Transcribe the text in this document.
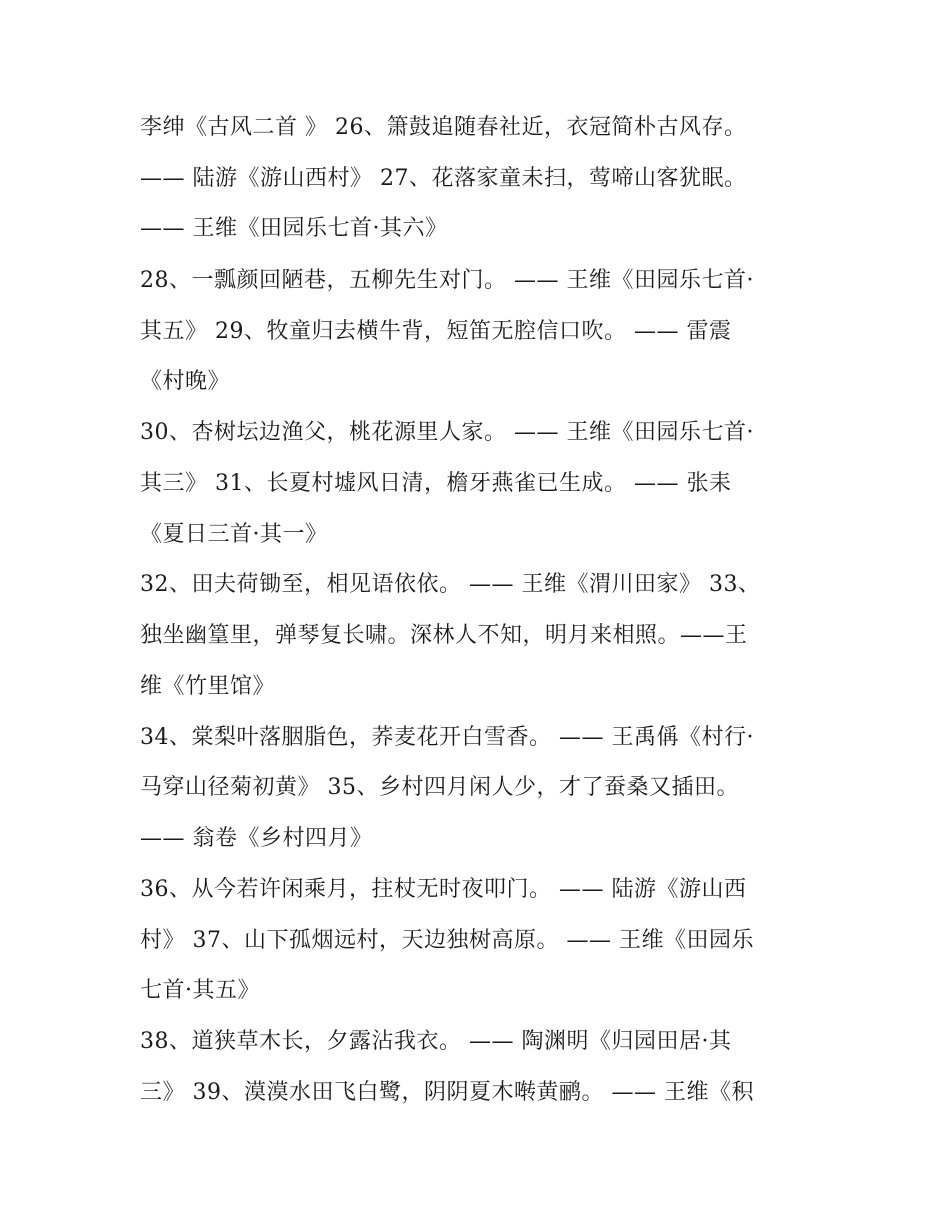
李绅《古风二首 》 26、箫鼓追随春社近，衣冠简朴古风存。
—— 陆游《游山西村》 27、花落家童未扫，莺啼山客犹眠。
—— 王维《田园乐七首·其六》
28、一瓢颜回陋巷，五柳先生对门。 —— 王维《田园乐七首·
其五》 29、牧童归去横牛背，短笛无腔信口吹。 —— 雷震
《村晚》
30、杏树坛边渔父，桃花源里人家。 —— 王维《田园乐七首·
其三》 31、长夏村墟风日清，檐牙燕雀已生成。 —— 张耒
《夏日三首·其一》
32、田夫荷锄至，相见语依依。 —— 王维《渭川田家》 33、
独坐幽篁里，弹琴复长啸。深林人不知，明月来相照。——王
维《竹里馆》
34、棠梨叶落胭脂色，荞麦花开白雪香。 —— 王禹偁《村行·
马穿山径菊初黄》 35、乡村四月闲人少，才了蚕桑又插田。
—— 翁卷《乡村四月》
36、从今若许闲乘月，拄杖无时夜叩门。 —— 陆游《游山西
村》 37、山下孤烟远村，天边独树高原。 —— 王维《田园乐
七首·其五》
38、道狭草木长，夕露沾我衣。 —— 陶渊明《归园田居·其
三》 39、漠漠水田飞白鹭，阴阴夏木啭黄鹂。 —— 王维《积
